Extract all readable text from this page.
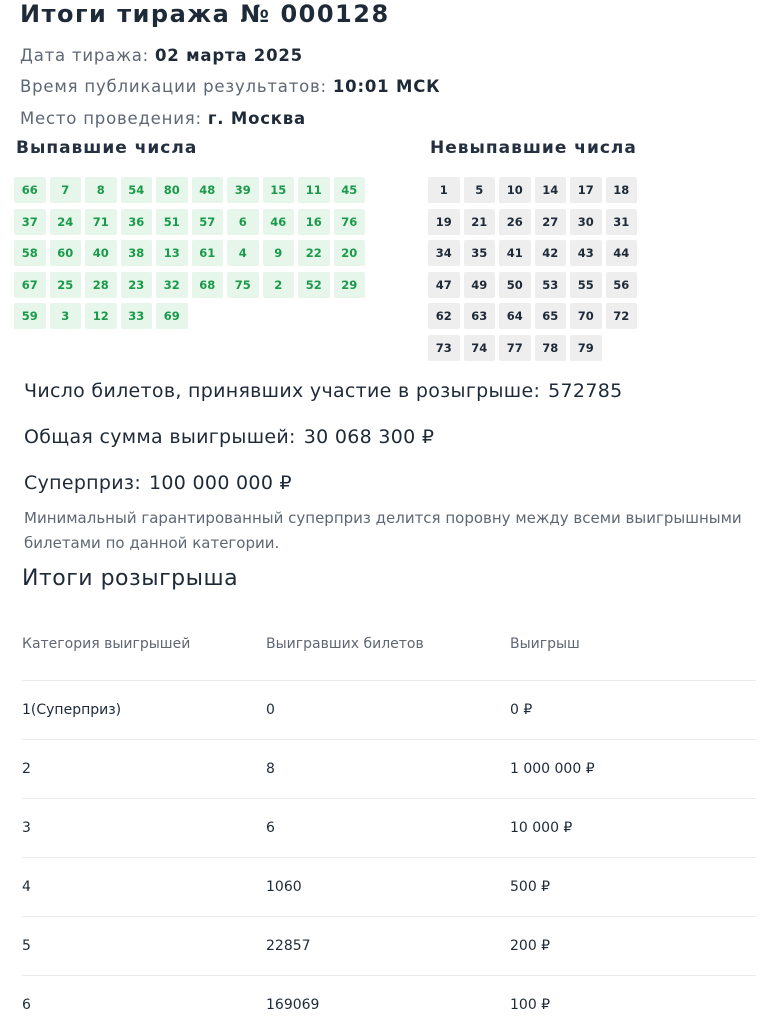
Итоги тиража № 000128
Дата тиража: 02 марта 2025
Время публикации результатов: 10:01 МСК
Место проведения: г. Москва
Выпавшие числа	Невыпавшие числа
66	7	8	54	80	48	39	15	11	45
37	24	71	36	51	57	6	46	16	76
58	60	40	38	13	61	4	9	22	20
67	25	28	23	32	68	75	2	52	29
59	3	12	33	69
1	5	10	14	17	18
19	21	26	27	30	31
34	35	41	42	43	44
47	49	50	53	55	56
62	63	64	65	70	72
73	74	77	78	79
Число билетов, принявших участие в розыгрыше: 572785
Общая сумма выигрышей: 30 068 300 ₽
Суперприз: 100 000 000 ₽
Минимальный гарантированный суперприз делится поровну между всеми выигрышными билетами по данной категории.
Итоги розыгрыша
Категория выигрышей	Выигравших билетов	Выигрыш
1(Суперприз)	0	0 ₽
2	8	1 000 000 ₽
3	6	10 000 ₽
4	1060	500 ₽
5	22857	200 ₽
6	169069	100 ₽
